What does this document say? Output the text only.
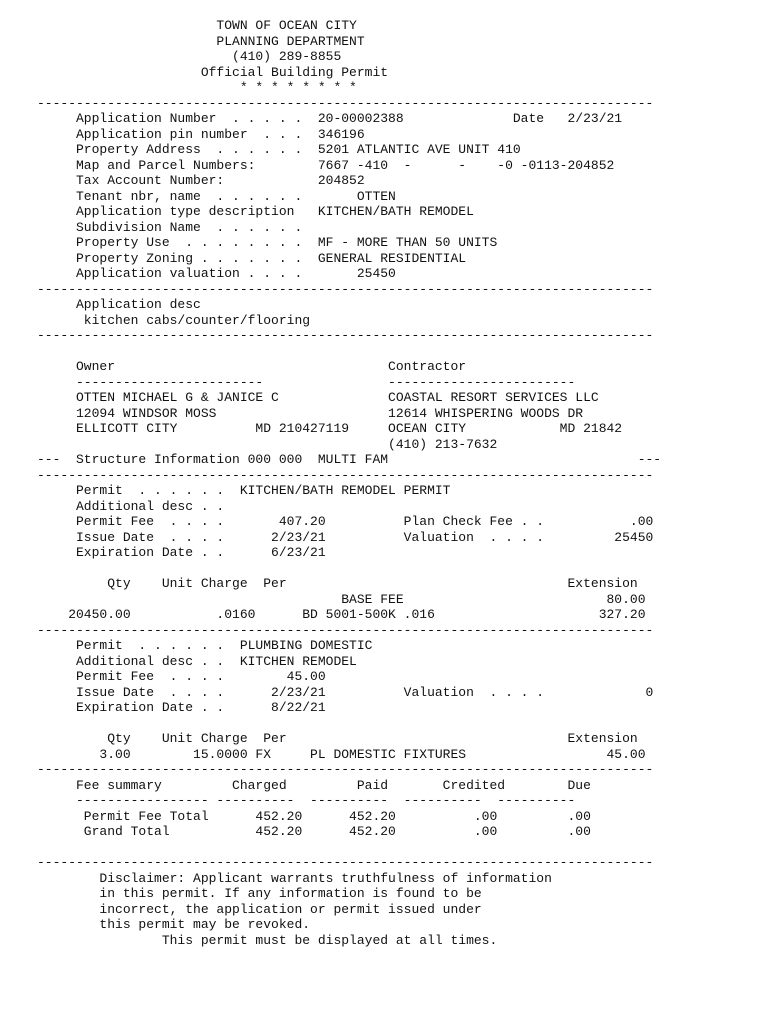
TOWN OF OCEAN CITY
PLANNING DEPARTMENT
(410) 289-8855
Official Building Permit
* * * * * * * *
-------------------------------------------------------------------------------
Application Number  . . . . .  20-00002388              Date   2/23/21
Application pin number  . . .  346196
Property Address  . . . . . .  5201 ATLANTIC AVE UNIT 410
Map and Parcel Numbers:        7667 -410  -      -    -0 -0113-204852
Tax Account Number:            204852
Tenant nbr, name  . . . . . .       OTTEN
Application type description   KITCHEN/BATH REMODEL
Subdivision Name  . . . . . .
Property Use  . . . . . . . .  MF - MORE THAN 50 UNITS
Property Zoning . . . . . . .  GENERAL RESIDENTIAL
Application valuation . . . .       25450
-------------------------------------------------------------------------------
Application desc
kitchen cabs/counter/flooring
-------------------------------------------------------------------------------
Owner                                   Contractor
------------------------                ------------------------
OTTEN MICHAEL G & JANICE C              COASTAL RESORT SERVICES LLC
12094 WINDSOR MOSS                      12614 WHISPERING WOODS DR
ELLICOTT CITY          MD 210427119     OCEAN CITY            MD 21842
(410) 213-7632
---  Structure Information 000 000  MULTI FAM                                ---
-------------------------------------------------------------------------------
Permit  . . . . . .  KITCHEN/BATH REMODEL PERMIT
Additional desc . .
Permit Fee  . . . .       407.20          Plan Check Fee . .           .00
Issue Date  . . . .      2/23/21          Valuation  . . . .         25450
Expiration Date . .      6/23/21
Qty    Unit Charge  Per                                    Extension
BASE FEE                          80.00
20450.00           .0160      BD 5001-500K .016                     327.20
-------------------------------------------------------------------------------
Permit  . . . . . .  PLUMBING DOMESTIC
Additional desc . .  KITCHEN REMODEL
Permit Fee  . . . .        45.00
Issue Date  . . . .      2/23/21          Valuation  . . . .             0
Expiration Date . .      8/22/21
Qty    Unit Charge  Per                                    Extension
3.00        15.0000 FX     PL DOMESTIC FIXTURES                  45.00
-------------------------------------------------------------------------------
Fee summary         Charged         Paid       Credited        Due
----------------- ----------  ----------  ----------  ----------
Permit Fee Total      452.20      452.20          .00         .00
Grand Total           452.20      452.20          .00         .00
-------------------------------------------------------------------------------
Disclaimer: Applicant warrants truthfulness of information
in this permit. If any information is found to be
incorrect, the application or permit issued under
this permit may be revoked.
This permit must be displayed at all times.
